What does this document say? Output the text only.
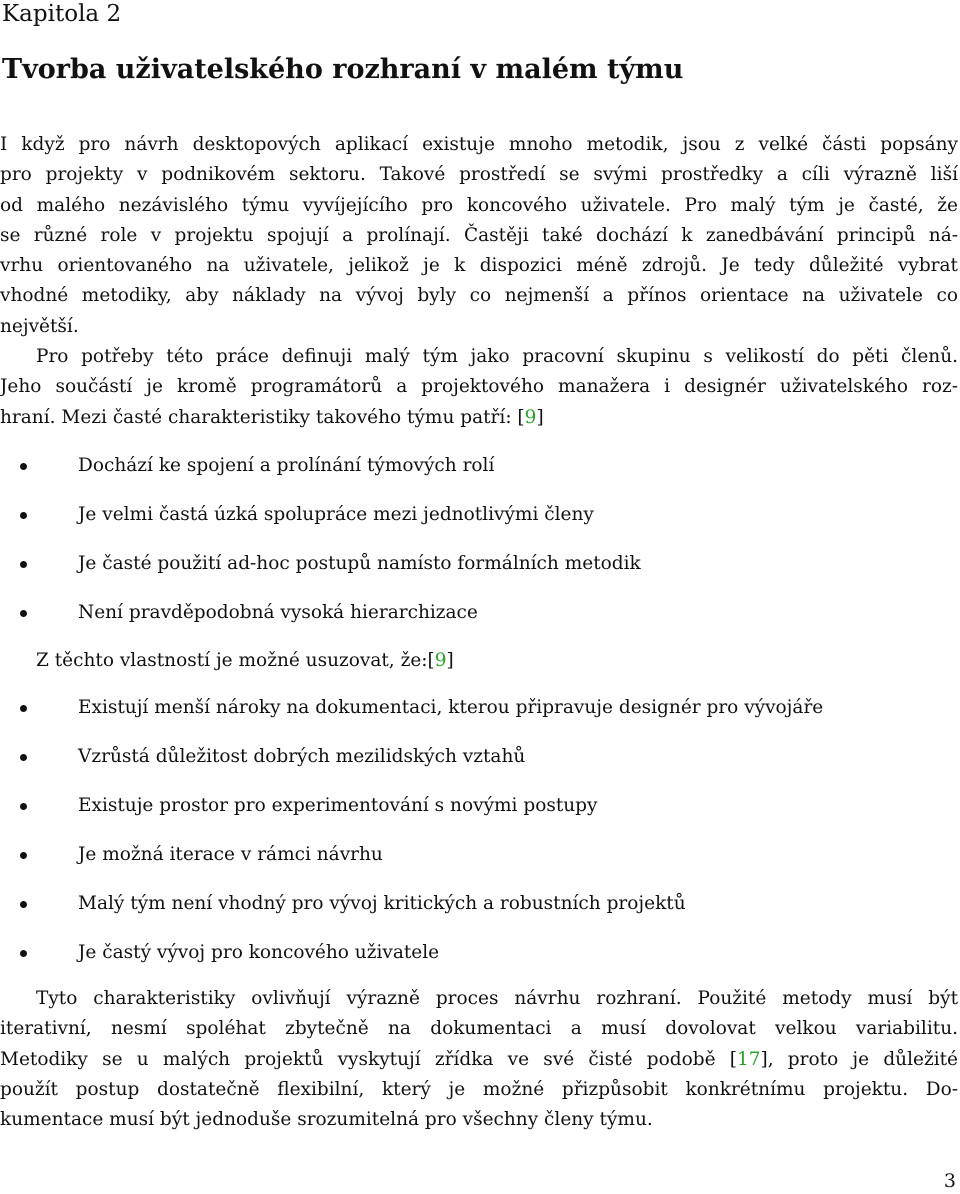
Kapitola 2
Tvorba uživatelského rozhraní v malém týmu
I když pro návrh desktopových aplikací existuje mnoho metodik, jsou z velké části popsány
pro projekty v podnikovém sektoru. Takové prostředí se svými prostředky a cíli výrazně liší
od malého nezávislého týmu vyvíjejícího pro koncového uživatele. Pro malý tým je časté, že
se různé role v projektu spojují a prolínají. Častěji také dochází k zanedbávání principů ná-
vrhu orientovaného na uživatele, jelikož je k dispozici méně zdrojů. Je tedy důležité vybrat
vhodné metodiky, aby náklady na vývoj byly co nejmenší a přínos orientace na uživatele co
největší.
Pro potřeby této práce definuji malý tým jako pracovní skupinu s velikostí do pěti členů.
Jeho součástí je kromě programátorů a projektového manažera i designér uživatelského roz-
hraní. Mezi časté charakteristiky takového týmu patří: [9]
Dochází ke spojení a prolínání týmových rolí
Je velmi častá úzká spolupráce mezi jednotlivými členy
Je časté použití ad-hoc postupů namísto formálních metodik
Není pravděpodobná vysoká hierarchizace
Z těchto vlastností je možné usuzovat, že:[9]
Existují menší nároky na dokumentaci, kterou připravuje designér pro vývojáře
Vzrůstá důležitost dobrých mezilidských vztahů
Existuje prostor pro experimentování s novými postupy
Je možná iterace v rámci návrhu
Malý tým není vhodný pro vývoj kritických a robustních projektů
Je častý vývoj pro koncového uživatele
Tyto charakteristiky ovlivňují výrazně proces návrhu rozhraní. Použité metody musí být
iterativní, nesmí spoléhat zbytečně na dokumentaci a musí dovolovat velkou variabilitu.
Metodiky se u malých projektů vyskytují zřídka ve své čisté podobě [17], proto je důležité
použít postup dostatečně flexibilní, který je možné přizpůsobit konkrétnímu projektu. Do-
kumentace musí být jednoduše srozumitelná pro všechny členy týmu.
3
